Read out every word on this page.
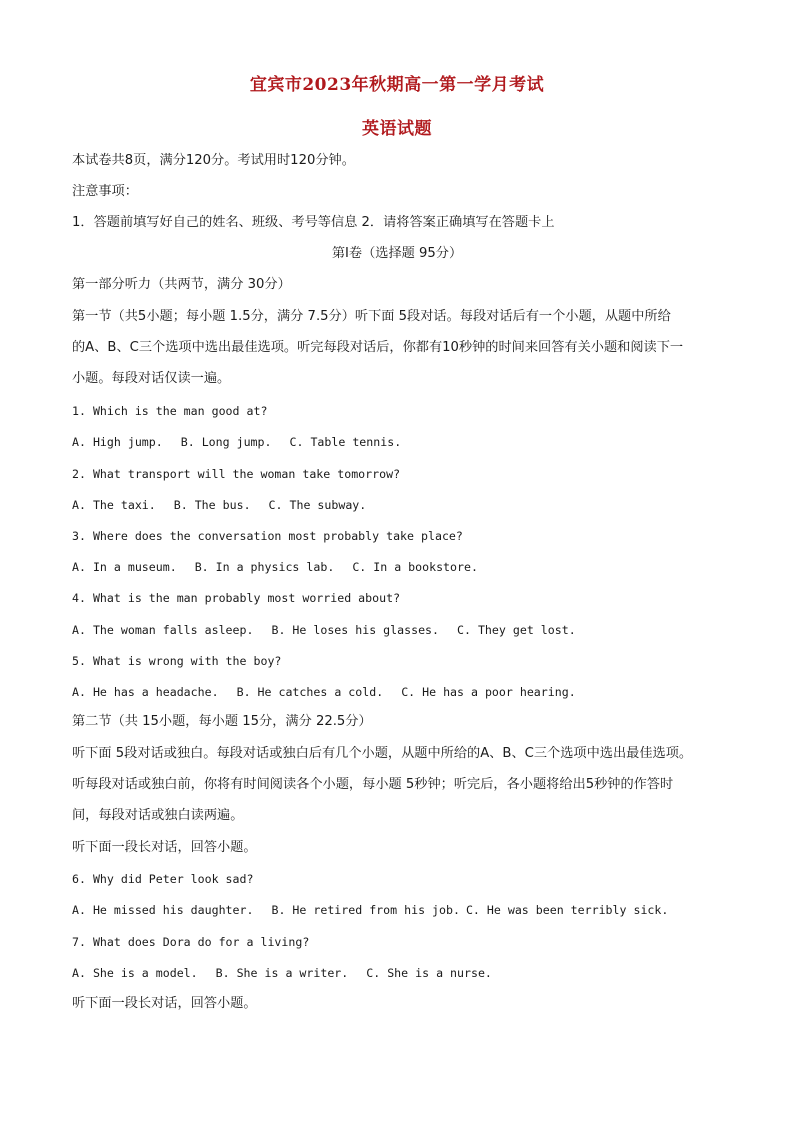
宜宾市2023年秋期高一第一学月考试
英语试题
本试卷共8页，满分120分。考试用时120分钟。
注意事项：
1．答题前填写好自己的姓名、班级、考号等信息 2．请将答案正确填写在答题卡上
第I卷（选择题 95分）
第一部分听力（共两节，满分 30分）
第一节（共5小题；每小题 1.5分，满分 7.5分）听下面 5段对话。每段对话后有一个小题，从题中所给
的A、B、C三个选项中选出最佳选项。听完每段对话后，你都有10秒钟的时间来回答有关小题和阅读下一
小题。每段对话仅读一遍。
1. Which is the man good at?
A. High jump. B. Long jump. C. Table tennis.
2. What transport will the woman take tomorrow?
A. The taxi. B. The bus. C. The subway.
3. Where does the conversation most probably take place?
A. In a museum. B. In a physics lab. C. In a bookstore.
4. What is the man probably most worried about?
A. The woman falls asleep. B. He loses his glasses. C. They get lost.
5. What is wrong with the boy?
A. He has a headache. B. He catches a cold. C. He has a poor hearing.
第二节（共 15小题，每小题 15分，满分 22.5分）
听下面 5段对话或独白。每段对话或独白后有几个小题，从题中所给的A、B、C三个选项中选出最佳选项。
听每段对话或独白前，你将有时间阅读各个小题，每小题 5秒钟；听完后，各小题将给出5秒钟的作答时
间，每段对话或独白读两遍。
听下面一段长对话，回答小题。
6. Why did Peter look sad?
A. He missed his daughter. B. He retired from his job. C. He was been terribly sick.
7. What does Dora do for a living?
A. She is a model. B. She is a writer. C. She is a nurse.
听下面一段长对话，回答小题。
